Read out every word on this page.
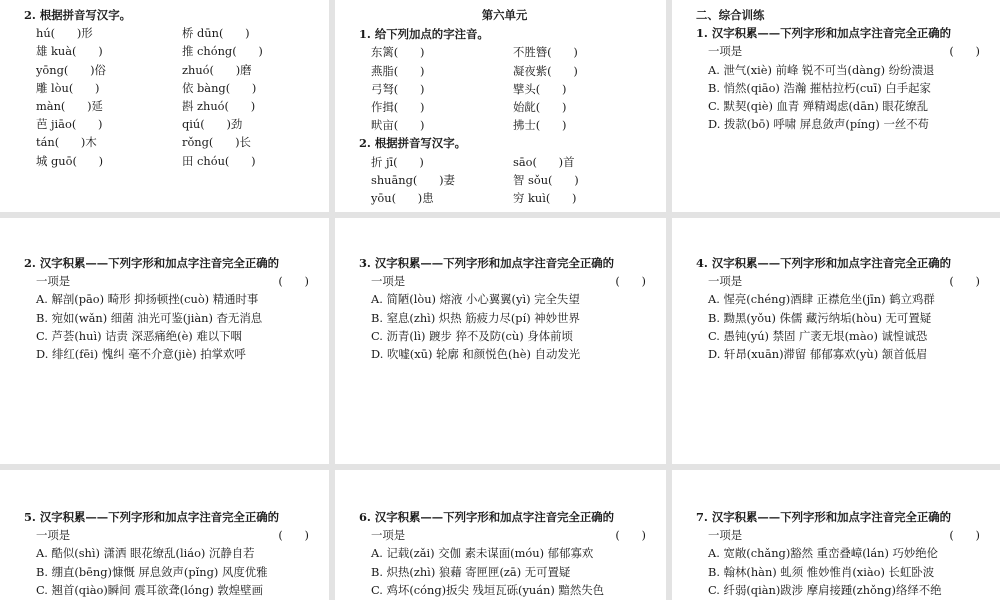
2. 根据拼音写汉字。
hú(      )形	桥 dūn(      )
雄 kuà(      )	推 chóng(      )
yōng(      )俗	zhuó(      )磨
雕 lòu(      )	依 bàng(      )
màn(      )延	斟 zhuó(      )
芭 jiāo(      )	qiú(      )劲
tán(      )木	rǒng(      )长
城 guō(      )	田 chóu(      )
第六单元
1. 给下列加点的字注音。
东篱(      )	不胜簪(      )
燕脂(      )	凝夜紫(      )
弓弩(      )	擘头(      )
作揖(      )	始龀(      )
畎亩(      )	拂士(      )
2. 根据拼音写汉字。
折 jī(      )	sāo(      )首
shuāng(      )妻	智 sǒu(      )
yōu(      )患	穷 kuì(      )
二、综合训练
1. 汉字积累——下列字形和加点字注音完全正确的
一项是	(      )
A. 泄气(xiè) 前峰 锐不可当(dàng) 纷纷溃退
B. 悄然(qiāo) 浩瀚 摧枯拉朽(cuī) 白手起家
C. 默契(qiè) 血青 殚精竭虑(dān) 眼花缭乱
D. 拨款(bō) 呼啸 屏息敛声(píng) 一丝不苟
2. 汉字积累——下列字形和加点字注音完全正确的
一项是	(      )
A. 解剖(pāo) 畸形 抑扬顿挫(cuò) 精通时事
B. 宛如(wǎn) 细菌 油光可鉴(jiàn) 杳无消息
C. 芦荟(huì) 诘责 深恶痛绝(è) 难以下咽
D. 绯红(fēi) 愧纠 毫不介意(jiè) 拍掌欢呼
3. 汉字积累——下列字形和加点字注音完全正确的
一项是	(      )
A. 简陋(lòu) 熔液 小心翼翼(yì) 完全失望
B. 窒息(zhì) 炽热 筋疲力尽(pí) 神妙世界
C. 沥青(lì) 踱步 猝不及防(cù) 身体前顷
D. 吹嘘(xū) 轮廓 和颜悦色(hè) 自动发光
4. 汉字积累——下列字形和加点字注音完全正确的
一项是	(      )
A. 惺亮(chéng)酒肆 正襟危坐(jīn) 鹤立鸡群
B. 黝黑(yǒu) 侏儒 藏污纳垢(hòu) 无可置疑
C. 愚钝(yú) 禁固 广袤无垠(mào) 诚惶诚恐
D. 轩昂(xuān)滞留 郁郁寡欢(yù) 颔首低眉
5. 汉字积累——下列字形和加点字注音完全正确的
一项是	(      )
A. 酷似(shì) 潇洒 眼花缭乱(liáo) 沉静自若
B. 绷直(bēng)慷慨 屏息敛声(pǐng) 风度优雅
C. 翘首(qiào)瞬间 震耳欲聋(lóng) 敦煌壁画
6. 汉字积累——下列字形和加点字注音完全正确的
一项是	(      )
A. 记载(zǎi) 交伽 素未谋面(móu) 郁郁寡欢
B. 炽热(zhì) 狼藉 寄匣匣(zā) 无可置疑
C. 鸡坏(cóng)扳尖 残垣瓦砾(yuán) 黯然失色
7. 汉字积累——下列字形和加点字注音完全正确的
一项是	(      )
A. 宽敞(chǎng)豁然 重峦叠嶂(lán) 巧妙绝伦
B. 翰林(hàn) 虬须 惟妙惟肖(xiào) 长虹卧波
C. 纤弱(qiàn)跋涉 摩肩接踵(zhǒng)络绎不绝
